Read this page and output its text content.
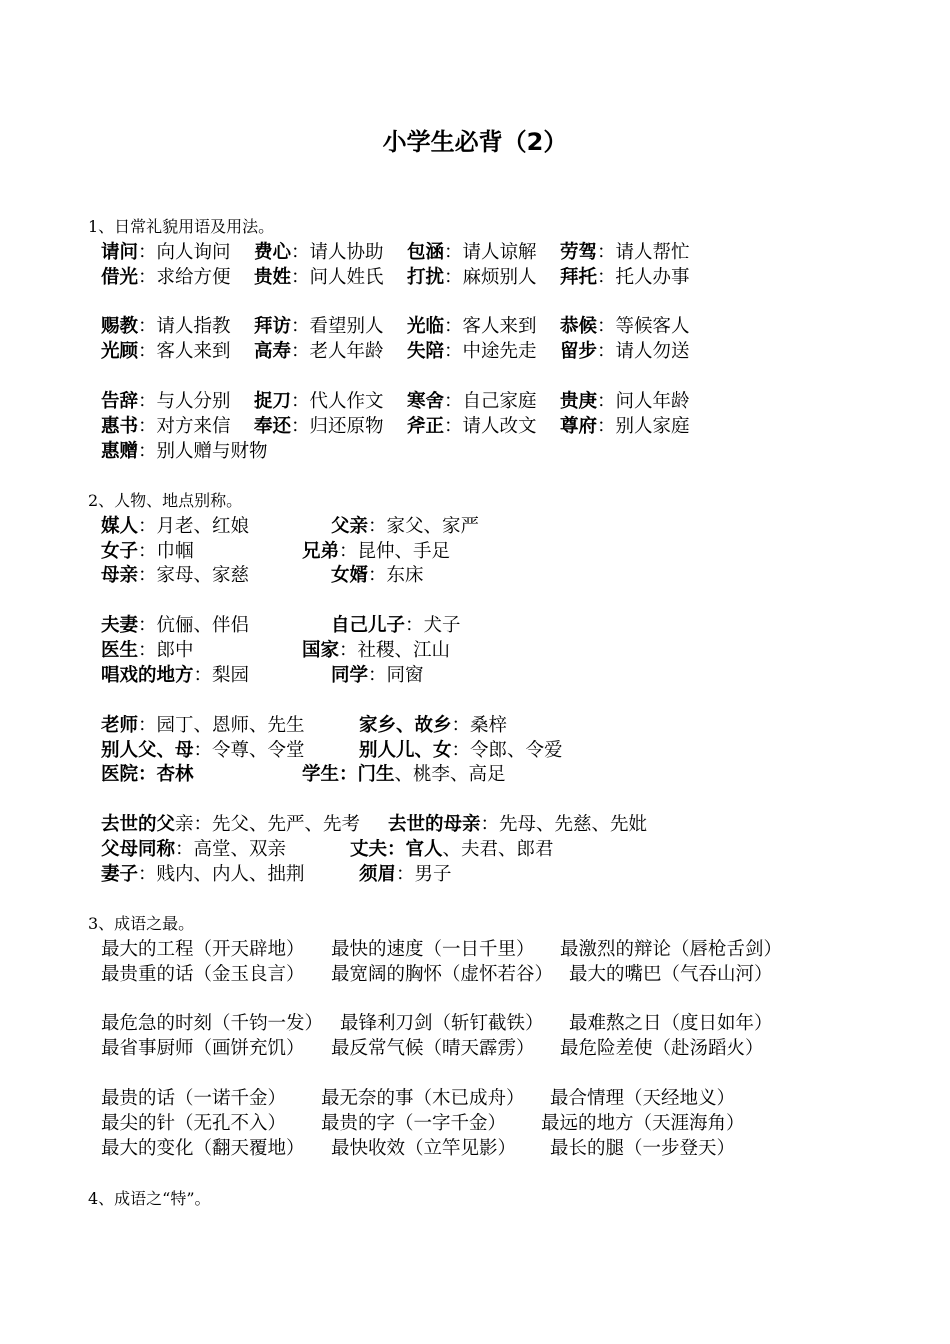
小学生必背（2）
1、日常礼貌用语及用法。
请问：向人询问 费心：请人协助 包涵：请人谅解 劳驾：请人帮忙
借光：求给方便 贵姓：问人姓氏 打扰：麻烦别人 拜托：托人办事
赐教：请人指教 拜访：看望别人 光临：客人来到 恭候：等候客人
光顾：客人来到 高寿：老人年龄 失陪：中途先走 留步：请人勿送
告辞：与人分别 捉刀：代人作文 寒舍：自己家庭 贵庚：问人年龄
惠书：对方来信 奉还：归还原物 斧正：请人改文 尊府：别人家庭
惠赠：别人赠与财物
2、人物、地点别称。
媒人：月老、红娘	父亲：家父、家严
女子：巾帼	兄弟：昆仲、手足
母亲：家母、家慈	女婿：东床
夫妻：伉俪、伴侣	自己儿子：犬子
医生：郎中	国家：社稷、江山
唱戏的地方：梨园	同学：同窗
老师：园丁、恩师、先生	家乡、故乡：桑梓
别人父、母：令尊、令堂	别人儿、女：令郎、令爱
医院：杏林	学生：门生、桃李、高足
去世的父亲：先父、先严、先考 去世的母亲：先母、先慈、先妣
父母同称：高堂、双亲	丈夫：官人、夫君、郎君
妻子：贱内、内人、拙荆	须眉：男子
3、成语之最。
最大的工程（开天辟地） 最快的速度（一日千里） 最激烈的辩论（唇枪舌剑）
最贵重的话（金玉良言） 最宽阔的胸怀（虚怀若谷） 最大的嘴巴（气吞山河）
最危急的时刻（千钧一发） 最锋利刀剑（斩钉截铁） 最难熬之日（度日如年）
最省事厨师（画饼充饥） 最反常气候（晴天霹雳） 最危险差使（赴汤蹈火）
最贵的话（一诺千金） 最无奈的事（木已成舟） 最合情理（天经地义）
最尖的针（无孔不入） 最贵的字（一字千金） 最远的地方（天涯海角）
最大的变化（翻天覆地） 最快收效（立竿见影） 最长的腿（一步登天）
4、成语之“特”。
